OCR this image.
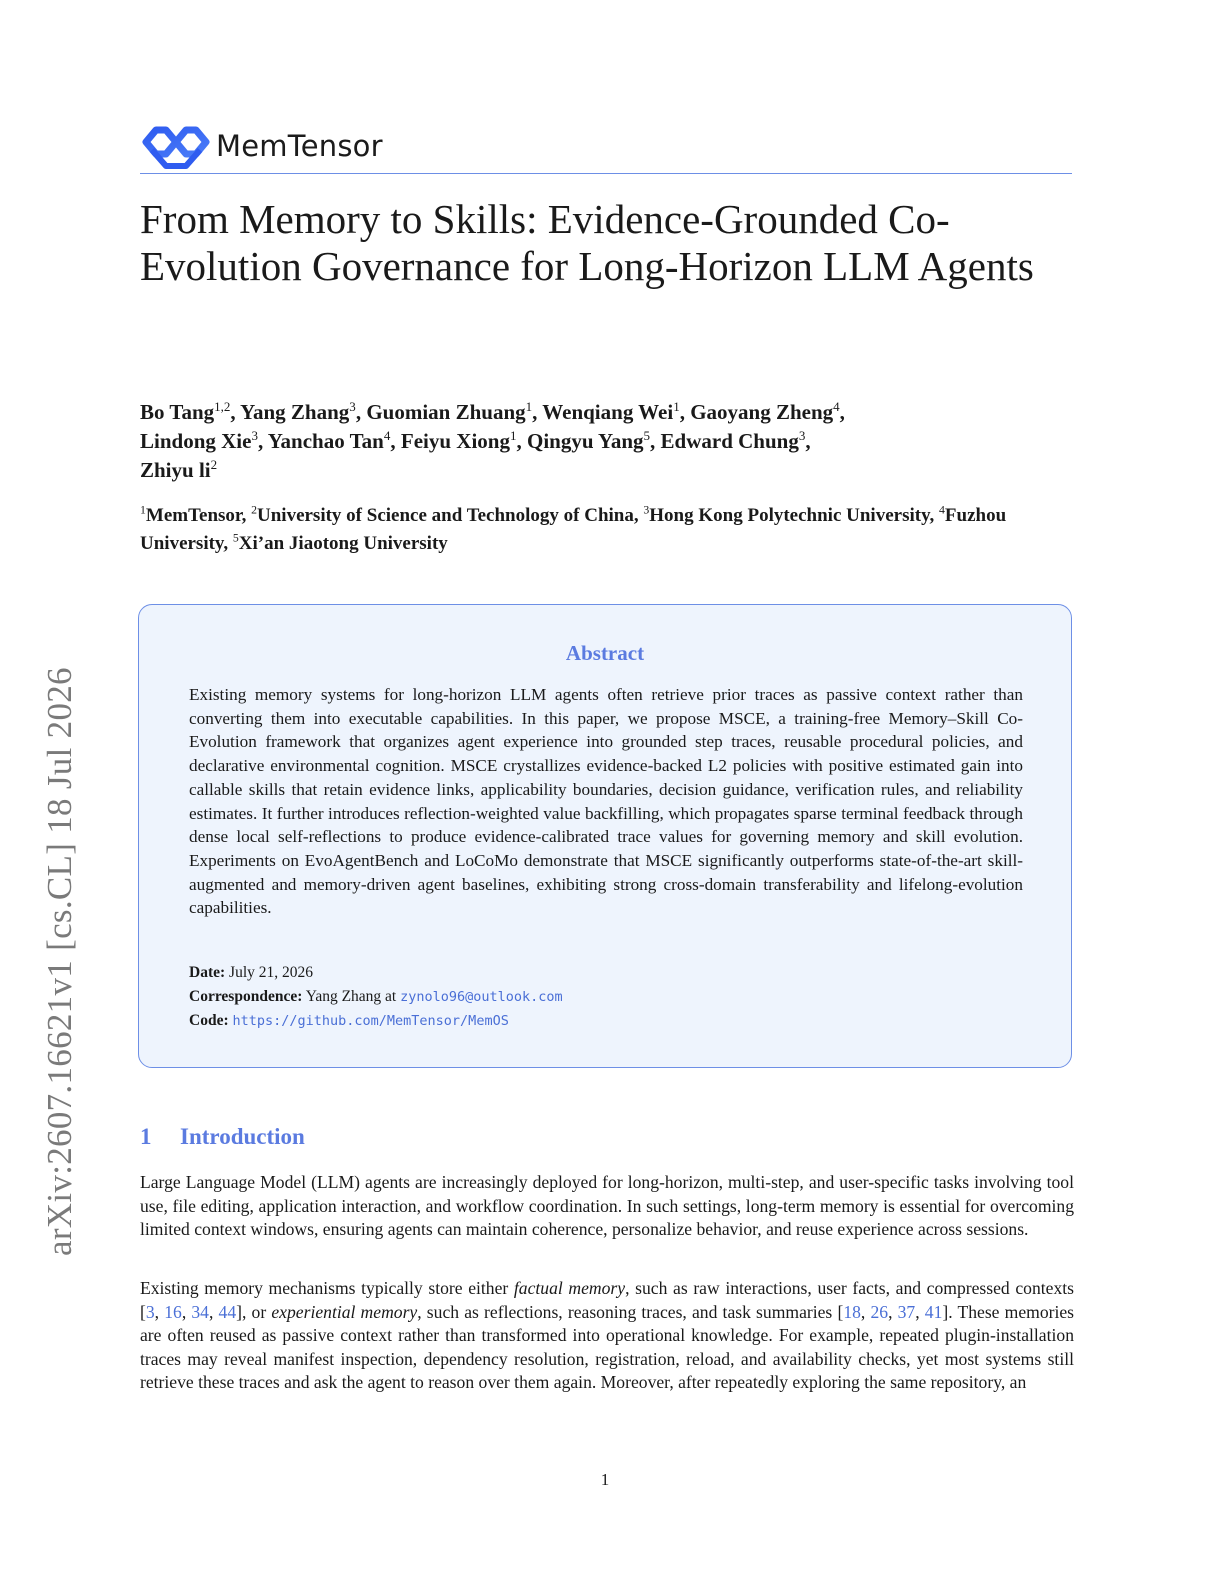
MemTensor
arXiv:2607.16621v1 [cs.CL] 18 Jul 2026
From Memory to Skills: Evidence-Grounded Co-Evolution Governance for Long-Horizon LLM Agents
Bo Tang$^{1,2}$, Yang Zhang$^3$, Guomian Zhuang$^1$, Wenqiang Wei$^1$, Gaoyang Zheng$^4$,
Lindong Xie$^3$, Yanchao Tan$^4$, Feiyu Xiong$^1$, Qingyu Yang$^5$, Edward Chung$^3$,
Zhiyu $li^2$
$^1$MemTensor, $^2$University of Science and Technology of China, $^3$Hong Kong Polytechnic University, $^4$Fuzhou University, $^5$Xi’an Jiaotong University
Abstract

Existing memory systems for long-horizon LLM agents often retrieve prior traces as passive context rather than converting them into executable capabilities. In this paper, we propose MSCE, a training-free Memory–Skill Co-Evolution framework that organizes agent experience into grounded step traces, reusable procedural policies, and declarative environmental cognition. MSCE crystallizes evidence-backed L2 policies with positive estimated gain into callable skills that retain evidence links, applicability boundaries, decision guidance, verification rules, and reliability estimates. It further introduces reflection-weighted value backfilling, which propagates sparse terminal feedback through dense local self-reflections to produce evidence-calibrated trace values for governing memory and skill evolution. Experiments on EvoAgentBench and LoCoMo demonstrate that MSCE significantly outperforms state-of-the-art skill-augmented and memory-driven agent baselines, exhibiting strong cross-domain transferability and lifelong-evolution capabilities.

Date: July 21, 2026
Correspondence: Yang Zhang at zynolo96@outlook.com
Code: https://github.com/MemTensor/MemOS
1 Introduction

Large Language Model (LLM) agents are increasingly deployed for long-horizon, multi-step, and user-specific tasks involving tool use, file editing, application interaction, and workflow coordination. In such settings, long-term memory is essential for overcoming limited context windows, ensuring agents can maintain coherence, personalize behavior, and reuse experience across sessions.

Existing memory mechanisms typically store either factual memory, such as raw interactions, user facts, and compressed contexts [3, 16, 34, 44], or experiential memory, such as reflections, reasoning traces, and task summaries [18, 26, 37, 41]. These memories are often reused as passive context rather than transformed into operational knowledge. For example, repeated plugin-installation traces may reveal manifest inspection, dependency resolution, registration, reload, and availability checks, yet most systems still retrieve these traces and ask the agent to reason over them again. Moreover, after repeatedly exploring the same repository, an

1
